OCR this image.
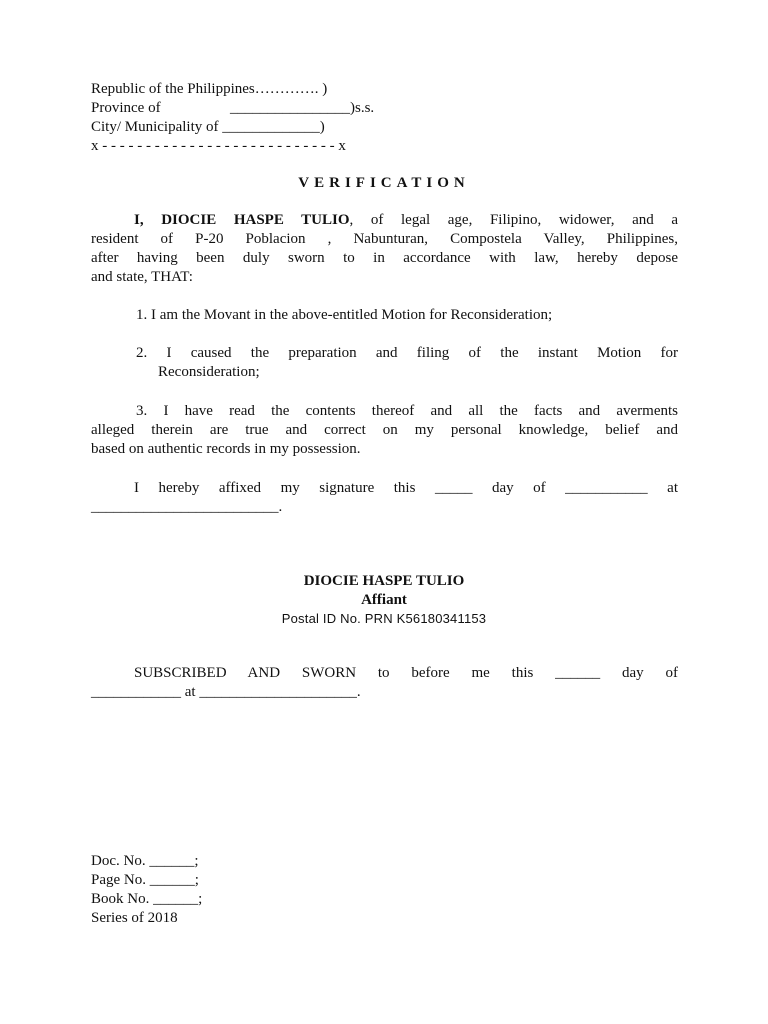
Republic of the Philippines…………. )
Province of	________________)s.s.
City/ Municipality of _____________)
x - - - - - - - - - - - - - - - - - - - - - - - - - - - x
VERIFICATION
I, DIOCIE HASPE TULIO, of legal age, Filipino, widower, and a
resident of P-20 Poblacion , Nabunturan, Compostela Valley, Philippines,
after having been duly sworn to in accordance with law, hereby depose
and state, THAT:
1. I am the Movant in the above-entitled Motion for Reconsideration;
2. I caused the preparation and filing of the instant Motion for
Reconsideration;
3. I have read the contents thereof and all the facts and averments
alleged therein are true and correct on my personal knowledge, belief and
based on authentic records in my possession.
I hereby affixed my signature this _____ day of ___________ at
_________________________.
DIOCIE HASPE TULIO
Affiant
Postal ID No. PRN K56180341153
SUBSCRIBED AND SWORN to before me this ______ day of
____________ at _____________________.
Doc. No. ______;
Page No. ______;
Book No. ______;
Series of 2018
